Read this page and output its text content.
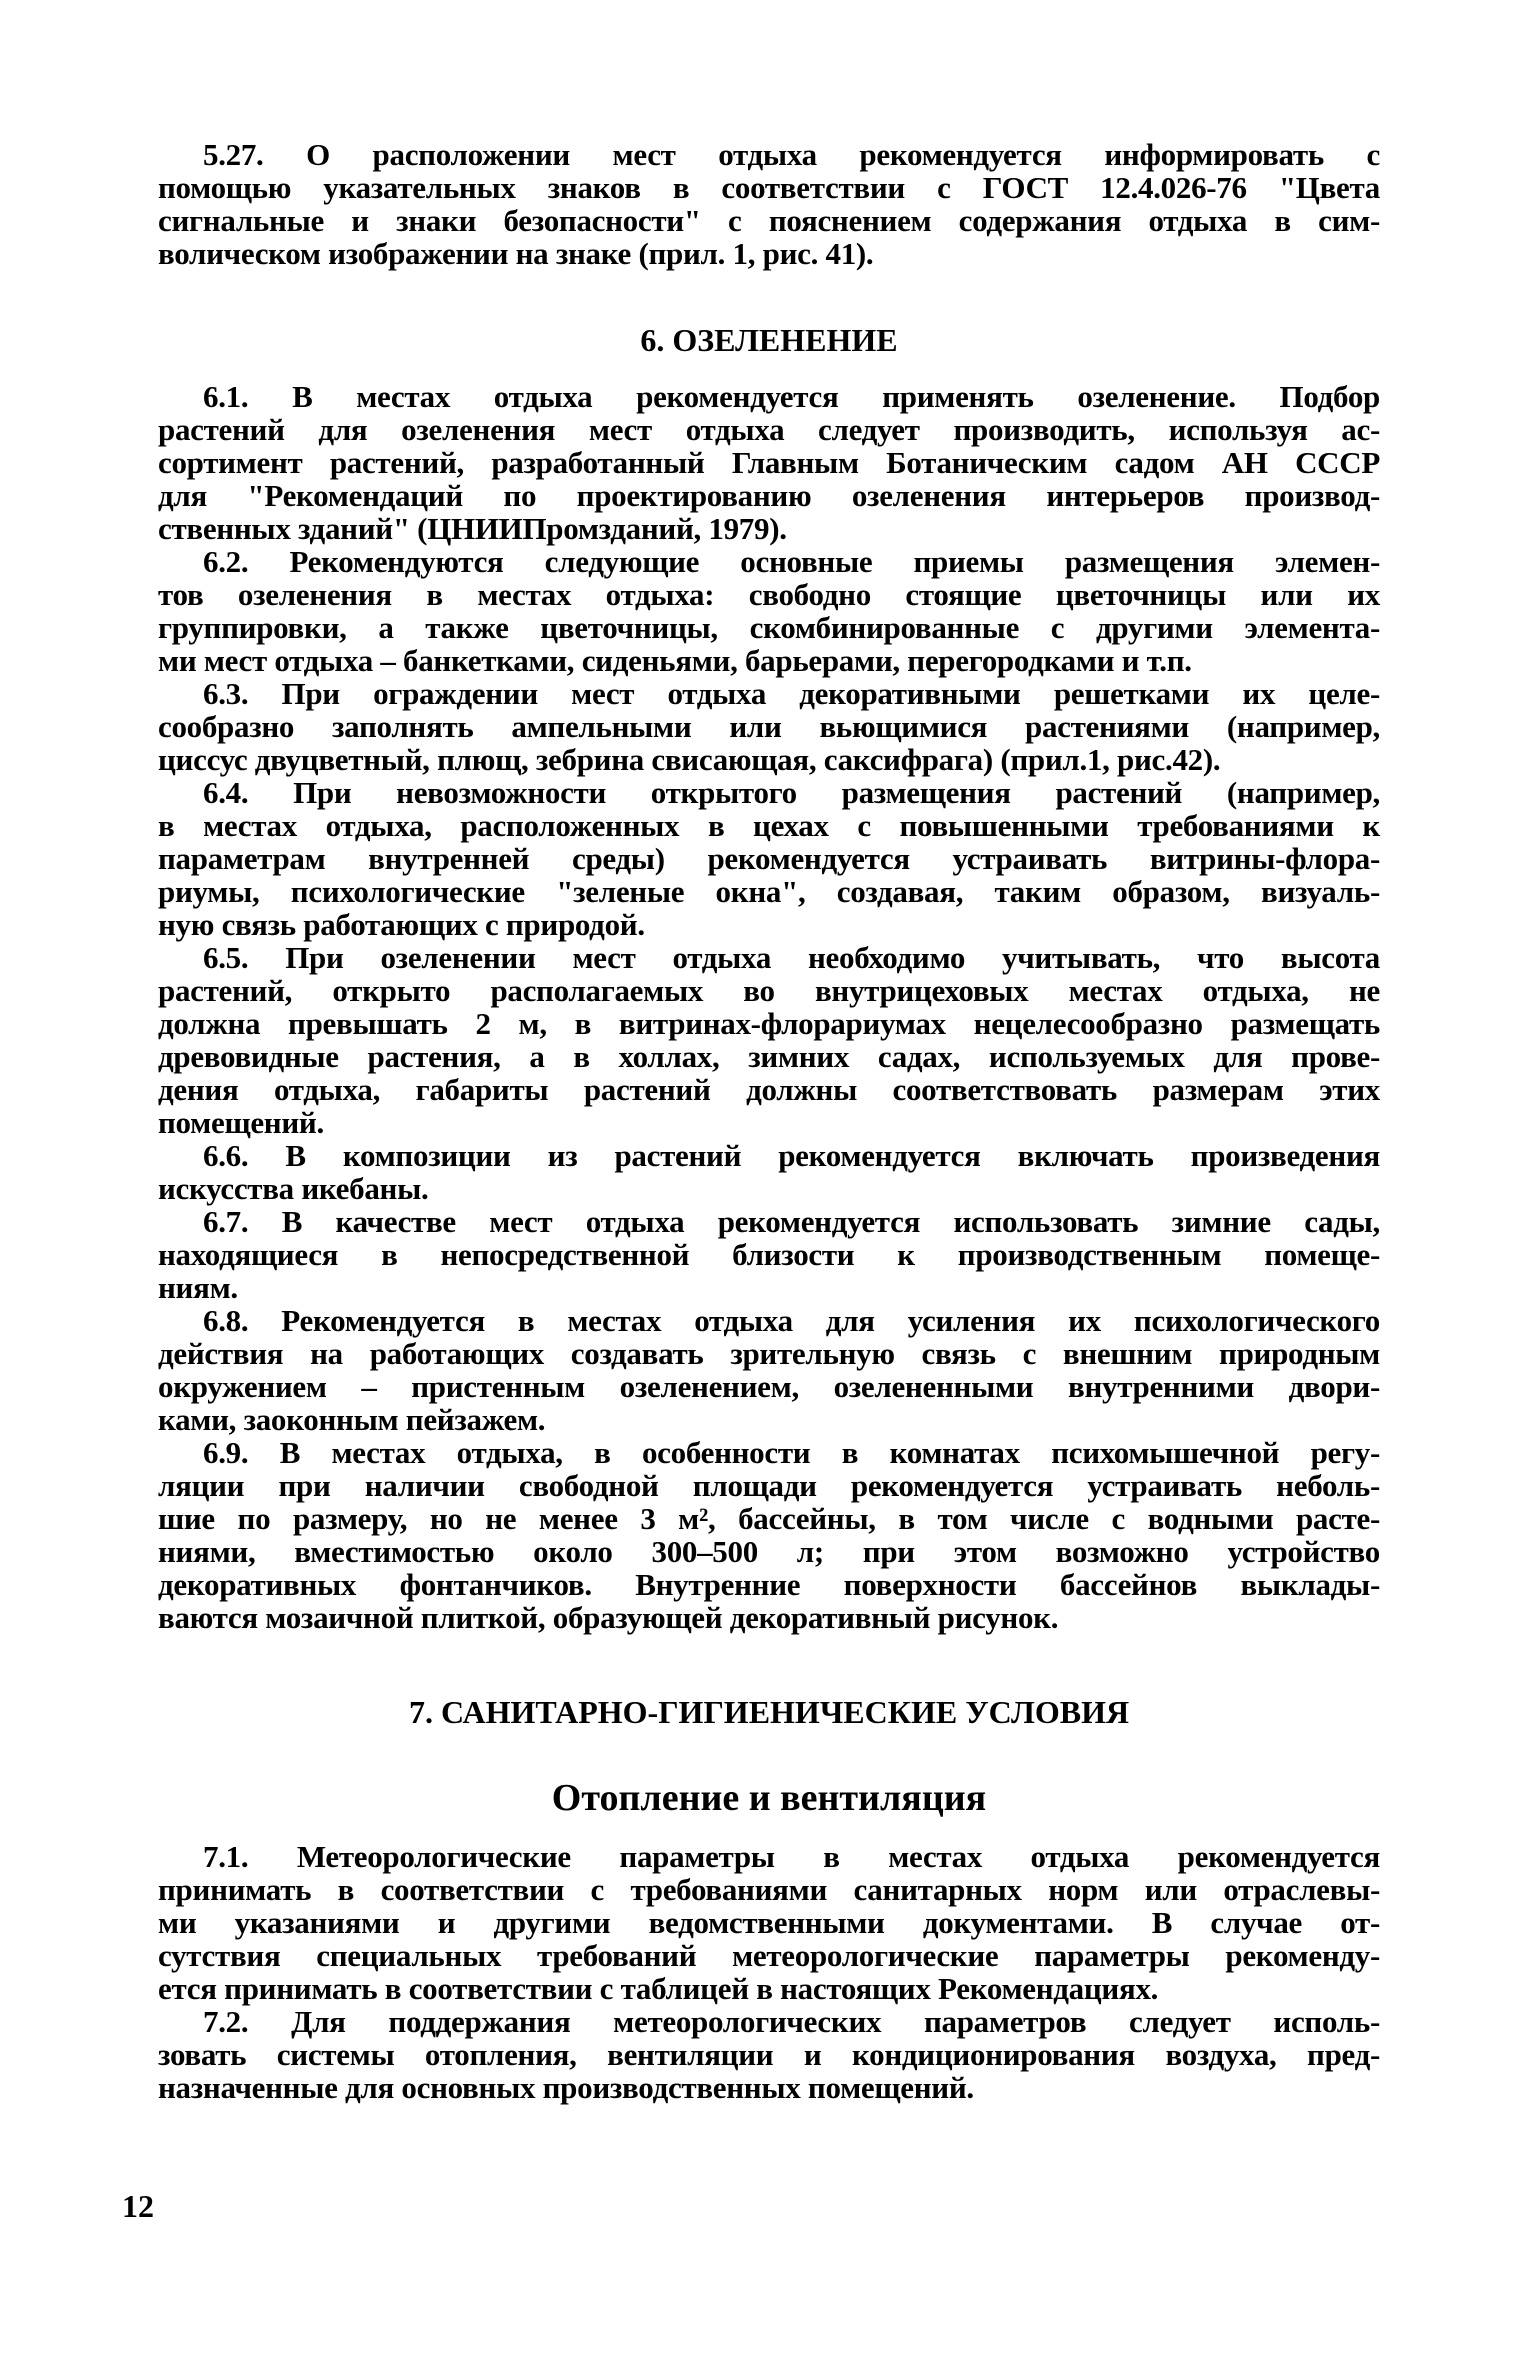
5.27. О расположении мест отдыха рекомендуется информировать с
помощью указательных знаков в соответствии с ГОСТ 12.4.026-76 "Цвета
сигнальные и знаки безопасности" с пояснением содержания отдыха в сим-
волическом изображении на знаке (прил. 1, рис. 41).
6. ОЗЕЛЕНЕНИЕ
6.1. В местах отдыха рекомендуется применять озеленение. Подбор
растений для озеленения мест отдыха следует производить, используя ас-
сортимент растений, разработанный Главным Ботаническим садом АН СССР
для "Рекомендаций по проектированию озеленения интерьеров производ-
ственных зданий" (ЦНИИПромзданий, 1979).
6.2. Рекомендуются следующие основные приемы размещения элемен-
тов озеленения в местах отдыха: свободно стоящие цветочницы или их
группировки, а также цветочницы, скомбинированные с другими элемента-
ми мест отдыха – банкетками, сиденьями, барьерами, перегородками и т.п.
6.3. При ограждении мест отдыха декоративными решетками их целе-
сообразно заполнять ампельными или вьющимися растениями (например,
циссус двуцветный, плющ, зебрина свисающая, саксифрага) (прил.1, рис.42).
6.4. При невозможности открытого размещения растений (например,
в местах отдыха, расположенных в цехах с повышенными требованиями к
параметрам внутренней среды) рекомендуется устраивать витрины-флора-
риумы, психологические "зеленые окна", создавая, таким образом, визуаль-
ную связь работающих с природой.
6.5. При озеленении мест отдыха необходимо учитывать, что высота
растений, открыто располагаемых во внутрицеховых местах отдыха, не
должна превышать 2 м, в витринах-флорариумах нецелесообразно размещать
древовидные растения, а в холлах, зимних садах, используемых для прове-
дения отдыха, габариты растений должны соответствовать размерам этих
помещений.
6.6. В композиции из растений рекомендуется включать произведения
искусства икебаны.
6.7. В качестве мест отдыха рекомендуется использовать зимние сады,
находящиеся в непосредственной близости к производственным помеще-
ниям.
6.8. Рекомендуется в местах отдыха для усиления их психологического
действия на работающих создавать зрительную связь с внешним природным
окружением – пристенным озеленением, озелененными внутренними двори-
ками, заоконным пейзажем.
6.9. В местах отдыха, в особенности в комнатах психомышечной регу-
ляции при наличии свободной площади рекомендуется устраивать неболь-
шие по размеру, но не менее 3 м², бассейны, в том числе с водными расте-
ниями, вместимостью около 300–500 л; при этом возможно устройство
декоративных фонтанчиков. Внутренние поверхности бассейнов выклады-
ваются мозаичной плиткой, образующей декоративный рисунок.
7. САНИТАРНО-ГИГИЕНИЧЕСКИЕ УСЛОВИЯ
Отопление и вентиляция
7.1. Метеорологические параметры в местах отдыха рекомендуется
принимать в соответствии с требованиями санитарных норм или отраслевы-
ми указаниями и другими ведомственными документами. В случае от-
сутствия специальных требований метеорологические параметры рекоменду-
ется принимать в соответствии с таблицей в настоящих Рекомендациях.
7.2. Для поддержания метеорологических параметров следует исполь-
зовать системы отопления, вентиляции и кондиционирования воздуха, пред-
назначенные для основных производственных помещений.
12
